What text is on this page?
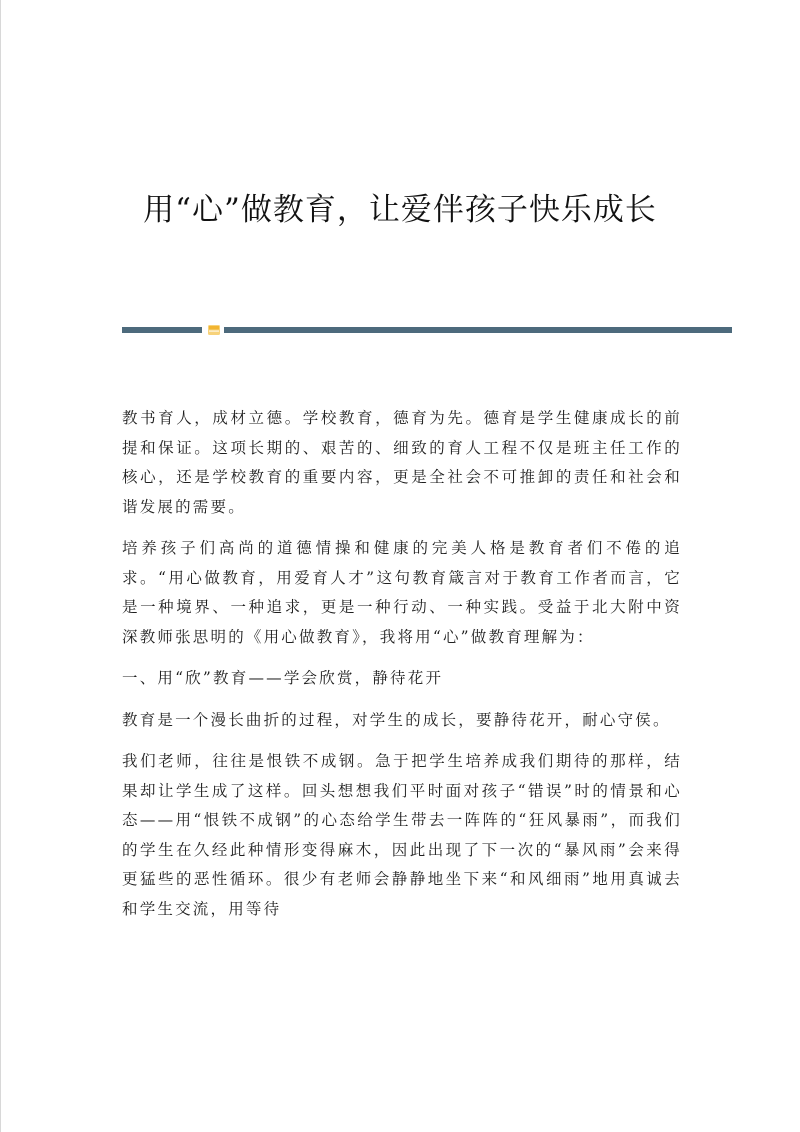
用“心”做教育，让爱伴孩子快乐成长

教书育人，成材立德。学校教育，德育为先。德育是学生健康成长的前提和保证。这项长期的、艰苦的、细致的育人工程不仅是班主任工作的核心，还是学校教育的重要内容，更是全社会不可推卸的责任和社会和谐发展的需要。

培养孩子们高尚的道德情操和健康的完美人格是教育者们不倦的追求。“用心做教育，用爱育人才”这句教育箴言对于教育工作者而言，它是一种境界、一种追求，更是一种行动、一种实践。受益于北大附中资深教师张思明的《用心做教育》，我将用“心”做教育理解为：

一、用“欣”教育——学会欣赏，静待花开

教育是一个漫长曲折的过程，对学生的成长，要静待花开，耐心守侯。

我们老师，往往是恨铁不成钢。急于把学生培养成我们期待的那样，结果却让学生成了这样。回头想想我们平时面对孩子“错误”时的情景和心态——用“恨铁不成钢”的心态给学生带去一阵阵的“狂风暴雨”，而我们的学生在久经此种情形变得麻木，因此出现了下一次的“暴风雨”会来得更猛些的恶性循环。很少有老师会静静地坐下来“和风细雨”地用真诚去和学生交流，用等待
